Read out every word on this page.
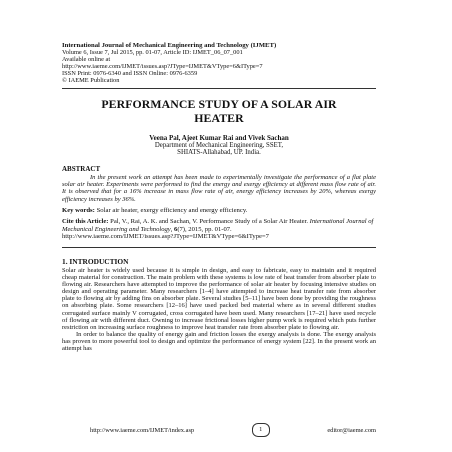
International Journal of Mechanical Engineering and Technology (IJMET)
Volume 6, Issue 7, Jul 2015, pp. 01-07, Article ID: IJMET_06_07_001
Available online at
http://www.iaeme.com/IJMET/issues.asp?JType=IJMET&VType=6&IType=7
ISSN Print: 0976-6340 and ISSN Online: 0976-6359
© IAEME Publication
PERFORMANCE STUDY OF A SOLAR AIR
HEATER
Veena Pal, Ajeet Kumar Rai and Vivek Sachan
Department of Mechanical Engineering, SSET,
SHIATS-Allahabad, UP. India.
ABSTRACT
In the present work an attempt has been made to experimentally investigate the performance of a flat plate solar air heater. Experiments were performed to find the energy and exergy efficiency at different mass flow rate of air. It is observed that for a 16% increase in mass flow rate of air, energy efficiency increases by 20%, whereas exergy efficiency increases by 36%.
Key words: Solar air heater, exergy efficiency and energy efficiency.
Cite this Article: Pal, V., Rai, A. K. and Sachan, V. Performance Study of a Solar Air Heater. International Journal of Mechanical Engineering and Technology, 6(7), 2015, pp. 01-07.
http://www.iaeme.com/IJMET/issues.asp?JType=IJMET&VType=6&IType=7
1. INTRODUCTION

Solar air heater is widely used because it is simple in design, and easy to fabricate, easy to maintain and it required cheap material for construction. The main problem with these systems is low rate of heat transfer from absorber plate to flowing air. Researchers have attempted to improve the performance of solar air heater by focusing intensive studies on design and operating parameter. Many researchers [1–4] have attempted to increase heat transfer rate from absorber plate to flowing air by adding fins on absorber plate. Several studies [5–11] have been done by providing the roughness on absorbing plate. Some researchers [12–16] have used packed bed material where as in several different studies corrugated surface mainly V corrugated, cross corrugated have been used. Many researchers [17–21] have used recycle of flowing air with different duct. Owning to increase frictional losses higher pump work is required which puts further restriction on increasing surface roughness to improve heat transfer rate from absorber plate to flowing air.

In order to balance the quality of energy gain and friction losses the exergy analysis is done. The exergy analysis has proven to more powerful tool to design and optimize the performance of energy system [22]. In the present work an attempt has

http://www.iaeme.com/IJMET/index.asp	1	editor@iaeme.com
